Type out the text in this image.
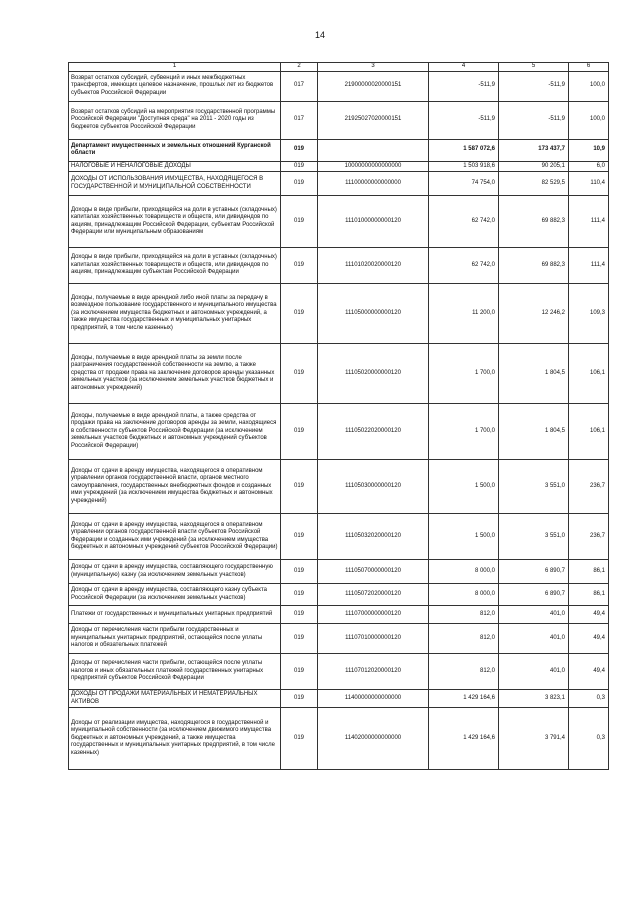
14
1	2	3	4	5	6
Возврат остатков субсидий, субвенций и иных межбюджетных трансфертов, имеющих целевое назначение, прошлых лет из бюджетов субъектов Российской Федерации	017	21900000020000151	-511,9	-511,9	100,0
Возврат остатков субсидий на мероприятия государственной программы Российской Федерации "Доступная среда" на 2011 - 2020 годы из бюджетов субъектов Российской Федерации	017	21925027020000151	-511,9	-511,9	100,0
Департамент имущественных и земельных отношений Курганской области	019		1 587 072,6	173 437,7	10,9
НАЛОГОВЫЕ И НЕНАЛОГОВЫЕ ДОХОДЫ	019	10000000000000000	1 503 918,6	90 205,1	6,0
ДОХОДЫ ОТ ИСПОЛЬЗОВАНИЯ ИМУЩЕСТВА, НАХОДЯЩЕГОСЯ В ГОСУДАРСТВЕННОЙ И МУНИЦИПАЛЬНОЙ СОБСТВЕННОСТИ	019	11100000000000000	74 754,0	82 529,5	110,4
Доходы в виде прибыли, приходящейся на доли в уставных (складочных) капиталах хозяйственных товариществ и обществ, или дивидендов по акциям, принадлежащим Российской Федерации, субъектам Российской Федерации или муниципальным образованиям	019	11101000000000120	62 742,0	69 882,3	111,4
Доходы в виде прибыли, приходящейся на доли в уставных (складочных) капиталах хозяйственных товариществ и обществ, или дивидендов по акциям, принадлежащим субъектам Российской Федерации	019	11101020020000120	62 742,0	69 882,3	111,4
Доходы, получаемые в виде арендной либо иной платы за передачу в возмездное пользование государственного и муниципального имущества (за исключением имущества бюджетных и автономных учреждений, а также имущества государственных и муниципальных унитарных предприятий, в том числе казенных)	019	11105000000000120	11 200,0	12 246,2	109,3
Доходы, получаемые в виде арендной платы за земли после разграничения государственной собственности на землю, а также средства от продажи права на заключение договоров аренды указанных земельных участков (за исключением земельных участков бюджетных и автономных учреждений)	019	11105020000000120	1 700,0	1 804,5	106,1
Доходы, получаемые в виде арендной платы, а также средства от продажи права на заключение договоров аренды за земли, находящиеся в собственности субъектов Российской Федерации (за исключением земельных участков бюджетных и автономных учреждений субъектов Российской Федерации)	019	11105022020000120	1 700,0	1 804,5	106,1
Доходы от сдачи в аренду имущества, находящегося в оперативном управлении органов государственной власти, органов местного самоуправления, государственных внебюджетных фондов и созданных ими учреждений (за исключением имущества бюджетных и автономных учреждений)	019	11105030000000120	1 500,0	3 551,0	236,7
Доходы от сдачи в аренду имущества, находящегося в оперативном управлении органов государственной власти субъектов Российской Федерации и созданных ими учреждений (за исключением имущества бюджетных и автономных учреждений субъектов Российской Федерации)	019	11105032020000120	1 500,0	3 551,0	236,7
Доходы от сдачи в аренду имущества, составляющего государственную (муниципальную) казну (за исключением земельных участков)	019	11105070000000120	8 000,0	6 890,7	86,1
Доходы от сдачи в аренду имущества, составляющего казну субъекта Российской Федерации (за исключением земельных участков)	019	11105072020000120	8 000,0	6 890,7	86,1
Платежи от государственных и муниципальных унитарных предприятий	019	11107000000000120	812,0	401,0	49,4
Доходы от перечисления части прибыли государственных и муниципальных унитарных предприятий, остающейся после уплаты налогов и обязательных платежей	019	11107010000000120	812,0	401,0	49,4
Доходы от перечисления части прибыли, остающейся после уплаты налогов и иных обязательных платежей государственных унитарных предприятий субъектов Российской Федерации	019	11107012020000120	812,0	401,0	49,4
ДОХОДЫ ОТ ПРОДАЖИ МАТЕРИАЛЬНЫХ И НЕМАТЕРИАЛЬНЫХ АКТИВОВ	019	11400000000000000	1 429 164,6	3 823,1	0,3
Доходы от реализации имущества, находящегося в государственной и муниципальной собственности (за исключением движимого имущества бюджетных и автономных учреждений, а также имущества государственных и муниципальных унитарных предприятий, в том числе казенных)	019	11402000000000000	1 429 164,6	3 791,4	0,3
